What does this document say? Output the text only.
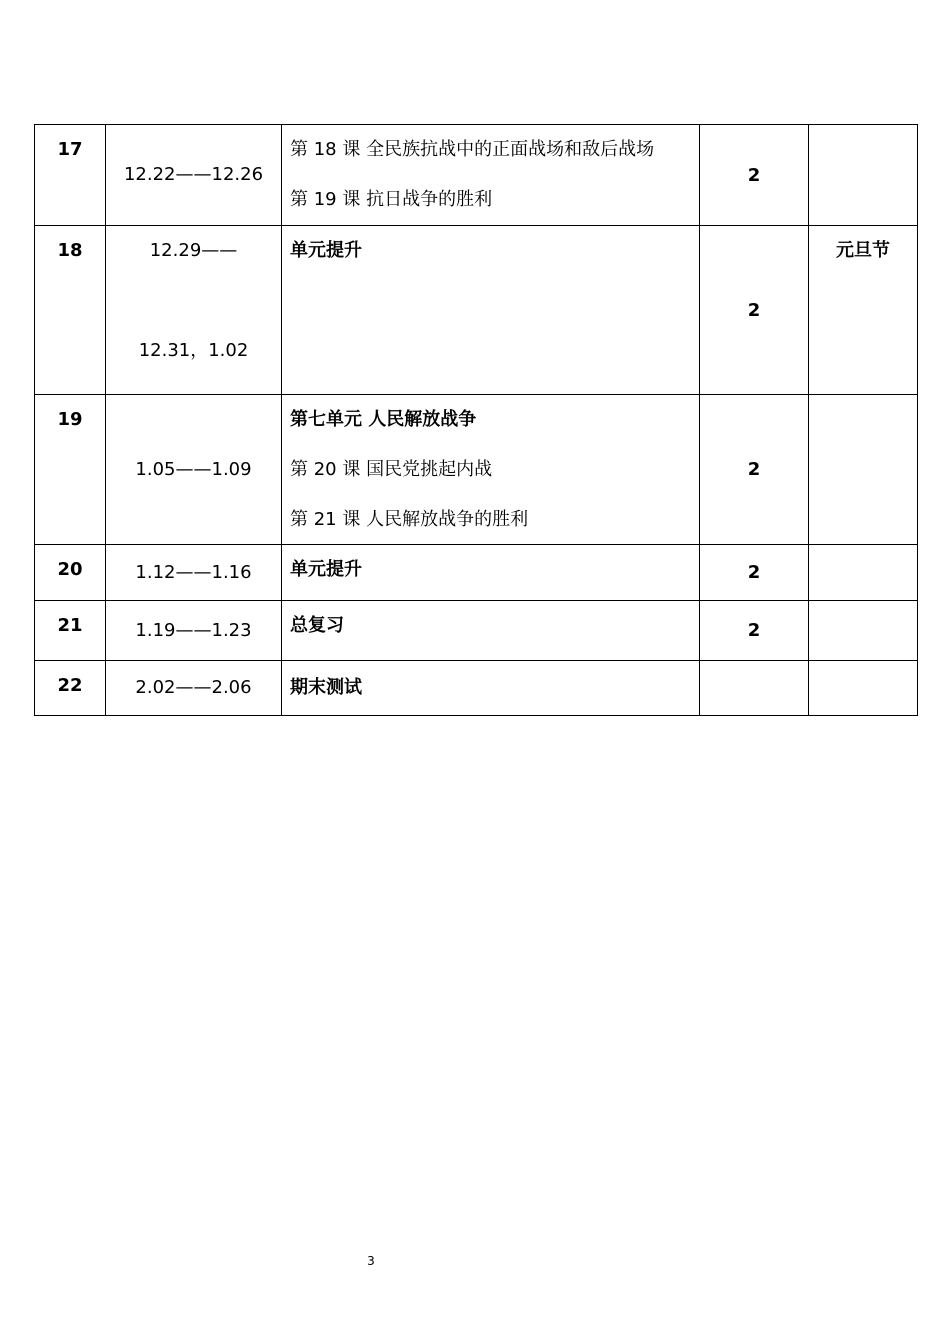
17	12.22——12.26	第 18 课 全民族抗战中的正面战场和敌后战场
第 19 课 抗日战争的胜利	2	

18	12.29——
12.31，1.02	单元提升	2	元旦节

19	1.05——1.09	第七单元 人民解放战争
第 20 课 国民党挑起内战
第 21 课 人民解放战争的胜利	2	

20	1.12——1.16	单元提升	2	

21	1.19——1.23	总复习	2	

22	2.02——2.06	期末测试		

3
